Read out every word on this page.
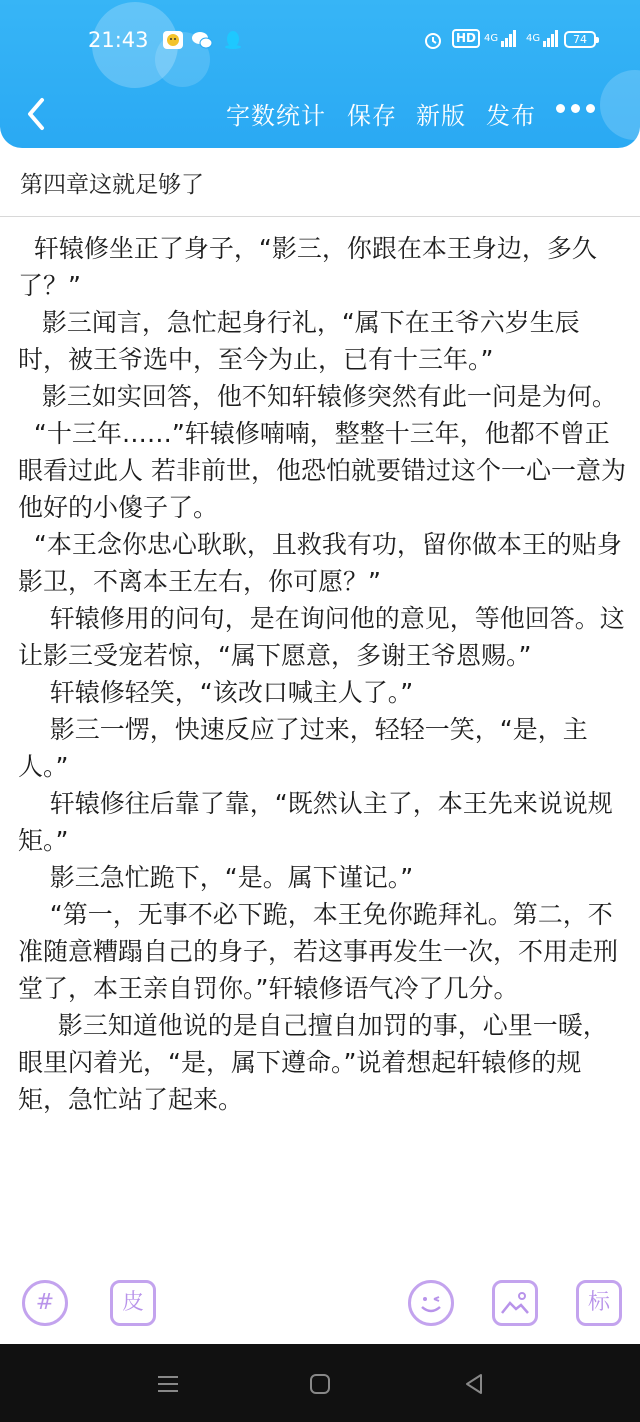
21:43	HD 4G	4G	74
字数统计 保存 新版 发布
第四章这就足够了

轩辕修坐正了身子，“影三，你跟在本王身边，多久了？”

影三闻言，急忙起身行礼，“属下在王爷六岁生辰时，被王爷选中，至今为止，已有十三年。”

影三如实回答，他不知轩辕修突然有此一问是为何。

“十三年……”轩辕修喃喃，整整十三年，他都不曾正眼看过此人 若非前世，他恐怕就要错过这个一心一意为他好的小傻子了。

“本王念你忠心耿耿，且救我有功，留你做本王的贴身影卫，不离本王左右，你可愿？”

轩辕修用的问句，是在询问他的意见，等他回答。这让影三受宠若惊，“属下愿意，多谢王爷恩赐。”

轩辕修轻笑，“该改口喊主人了。”

影三一愣，快速反应了过来，轻轻一笑，“是，主人。”

轩辕修往后靠了靠，“既然认主了，本王先来说说规矩。”

影三急忙跪下，“是。属下谨记。”

“第一，无事不必下跪，本王免你跪拜礼。第二，不准随意糟蹋自己的身子，若这事再发生一次，不用走刑堂了，本王亲自罚你。”轩辕修语气冷了几分。

影三知道他说的是自己擅自加罚的事，心里一暖，眼里闪着光，“是，属下遵命。”说着想起轩辕修的规矩，急忙站了起来。

#	皮	标
